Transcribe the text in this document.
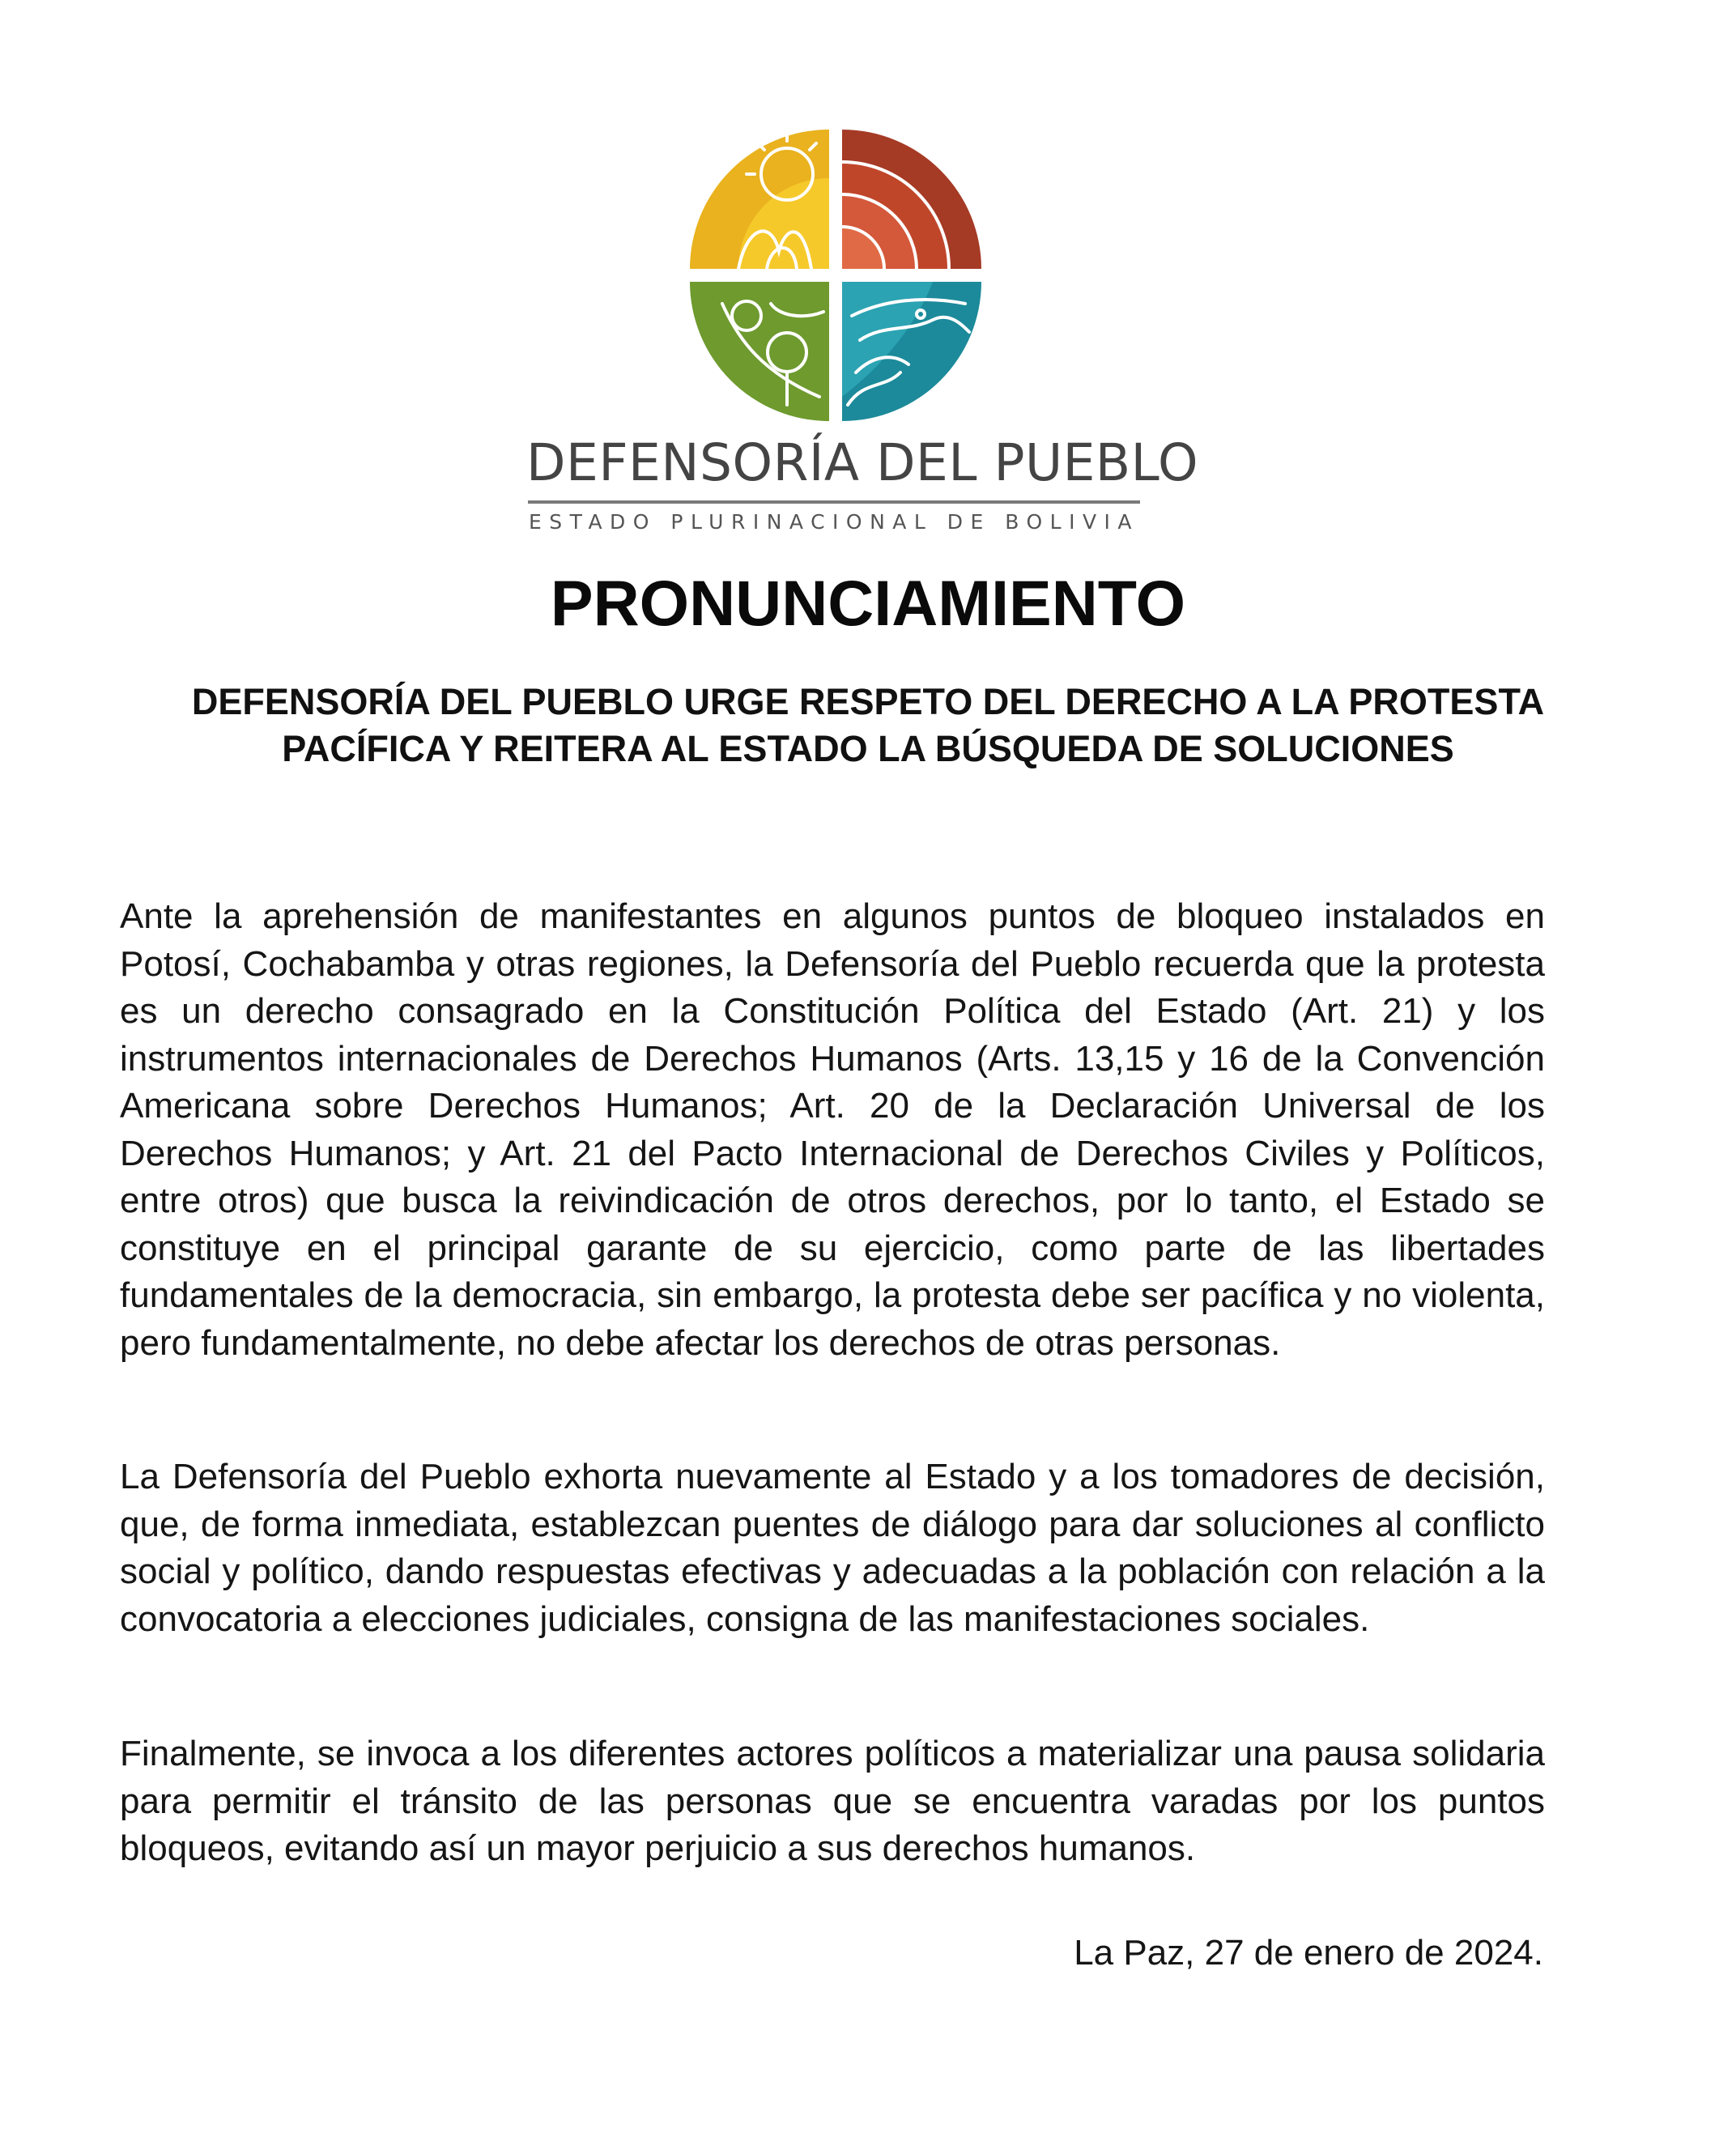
DEFENSORÍA DEL PUEBLO
ESTADO PLURINACIONAL DE BOLIVIA
PRONUNCIAMIENTO
DEFENSORÍA DEL PUEBLO URGE RESPETO DEL DERECHO A LA PROTESTA PACÍFICA Y REITERA AL ESTADO LA BÚSQUEDA DE SOLUCIONES

Ante la aprehensión de manifestantes en algunos puntos de bloqueo instalados en Potosí, Cochabamba y otras regiones, la Defensoría del Pueblo recuerda que la protesta es un derecho consagrado en la Constitución Política del Estado (Art. 21) y los instrumentos internacionales de Derechos Humanos (Arts. 13,15 y 16 de la Convención Americana sobre Derechos Humanos; Art. 20 de la Declaración Universal de los Derechos Humanos; y Art. 21 del Pacto Internacional de Derechos Civiles y Políticos, entre otros) que busca la reivindicación de otros derechos, por lo tanto, el Estado se constituye en el principal garante de su ejercicio, como parte de las libertades fundamentales de la democracia, sin embargo, la protesta debe ser pacífica y no violenta, pero fundamentalmente, no debe afectar los derechos de otras personas.

La Defensoría del Pueblo exhorta nuevamente al Estado y a los tomadores de decisión, que, de forma inmediata, establezcan puentes de diálogo para dar soluciones al conflicto social y político, dando respuestas efectivas y adecuadas a la población con relación a la convocatoria a elecciones judiciales, consigna de las manifestaciones sociales.

Finalmente, se invoca a los diferentes actores políticos a materializar una pausa solidaria para permitir el tránsito de las personas que se encuentra varadas por los puntos bloqueos, evitando así un mayor perjuicio a sus derechos humanos.

La Paz, 27 de enero de 2024.
